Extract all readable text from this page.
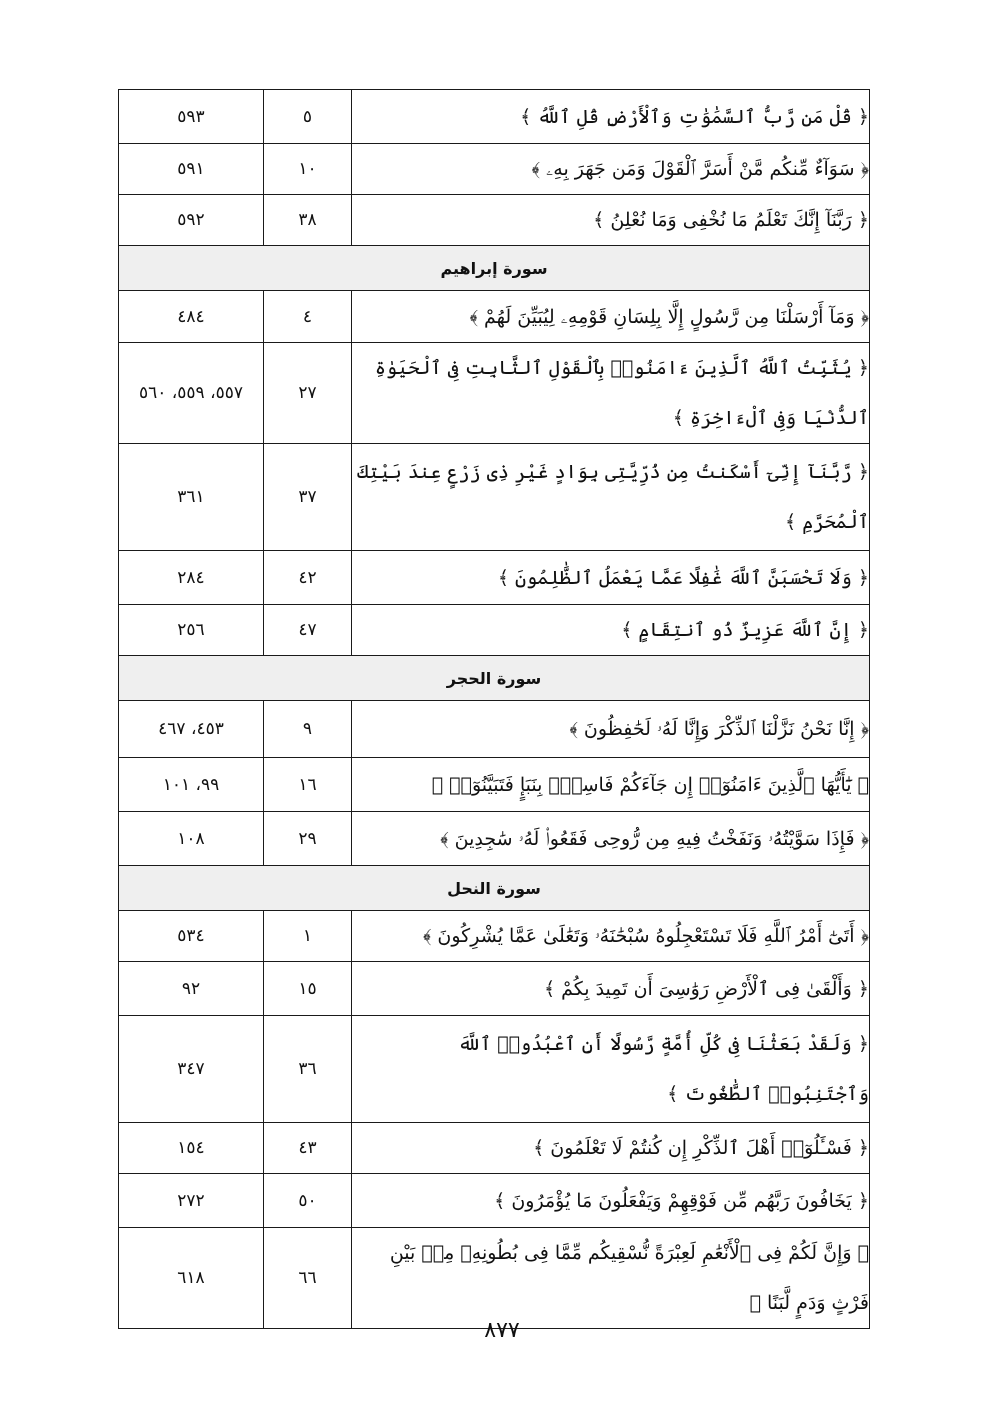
٥٩٣	٥	﴿ قُلْ مَن رَّبُّ ٱلسَّمَٰوَٰتِ وَٱلْأَرْضِ قُلِ ٱللَّهُ ﴾
٥٩١	١٠	﴿ سَوَآءٌ مِّنكُم مَّنْ أَسَرَّ ٱلْقَوْلَ وَمَن جَهَرَ بِهِۦ ﴾
٥٩٢	٣٨	﴿ رَبَّنَآ إِنَّكَ تَعْلَمُ مَا نُخْفِى وَمَا نُعْلِنُ ﴾
سورة إبراهيم		
٤٨٤	٤	﴿ وَمَآ أَرْسَلْنَا مِن رَّسُولٍ إِلَّا بِلِسَانِ قَوْمِهِۦ لِيُبَيِّنَ لَهُمْ ﴾
٥٥٧، ٥٥٩، ٥٦٠	٢٧	﴿ يُثَبِّتُ ٱللَّهُ ٱلَّذِينَ ءَامَنُوا۟ بِٱلْقَوْلِ ٱلثَّابِتِ فِى ٱلْحَيَوٰةِ ٱلدُّنْيَا وَفِى ٱلْءَاخِرَةِ ﴾
٣٦١	٣٧	﴿ رَّبَّنَآ إِنِّىٓ أَسْكَنتُ مِن ذُرِّيَّتِى بِوَادٍ غَيْرِ ذِى زَرْعٍ عِندَ بَيْتِكَ ٱلْمُحَرَّمِ ﴾
٢٨٤	٤٢	﴿ وَلَا تَحْسَبَنَّ ٱللَّهَ غَٰفِلًا عَمَّا يَعْمَلُ ٱلظَّٰلِمُونَ ﴾
٢٥٦	٤٧	﴿ إِنَّ ٱللَّهَ عَزِيزٌ ذُو ٱنتِقَامٍ ﴾
سورة الحجر		
٤٥٣، ٤٦٧	٩	﴿ إِنَّا نَحْنُ نَزَّلْنَا ٱلذِّكْرَ وَإِنَّا لَهُۥ لَحَٰفِظُونَ ﴾
٩٩، ١٠١	١٦	﴿ يَٰٓأَيُّهَا ٱلَّذِينَ ءَامَنُوٓا۟ إِن جَآءَكُمْ فَاسِقٌۢ بِنَبَإٍ فَتَبَيَّنُوٓا۟ ﴾
١٠٨	٢٩	﴿ فَإِذَا سَوَّيْتُهُۥ وَنَفَخْتُ فِيهِ مِن رُّوحِى فَقَعُوا۟ لَهُۥ سَٰجِدِينَ ﴾
سورة النحل		
٥٣٤	١	﴿ أَتَىٰٓ أَمْرُ ٱللَّهِ فَلَا تَسْتَعْجِلُوهُ سُبْحَٰنَهُۥ وَتَعَٰلَىٰ عَمَّا يُشْرِكُونَ ﴾
٩٢	١٥	﴿ وَأَلْقَىٰ فِى ٱلْأَرْضِ رَوَٰسِىَ أَن تَمِيدَ بِكُمْ ﴾
٣٤٧	٣٦	﴿ وَلَقَدْ بَعَثْنَا فِى كُلِّ أُمَّةٍ رَّسُولًا أَنِ ٱعْبُدُوا۟ ٱللَّهَ وَٱجْتَنِبُوا۟ ٱلطَّٰغُوتَ ﴾
١٥٤	٤٣	﴿ فَسْـَٔلُوٓا۟ أَهْلَ ٱلذِّكْرِ إِن كُنتُمْ لَا تَعْلَمُونَ ﴾
٢٧٢	٥٠	﴿ يَخَافُونَ رَبَّهُم مِّن فَوْقِهِمْ وَيَفْعَلُونَ مَا يُؤْمَرُونَ ﴾
٦١٨	٦٦	﴿ وَإِنَّ لَكُمْ فِى ٱلْأَنْعَٰمِ لَعِبْرَةً نُّسْقِيكُم مِّمَّا فِى بُطُونِهِۦ مِنۢ بَيْنِ فَرْثٍ وَدَمٍ لَّبَنًا ﴾
٨٧٧
